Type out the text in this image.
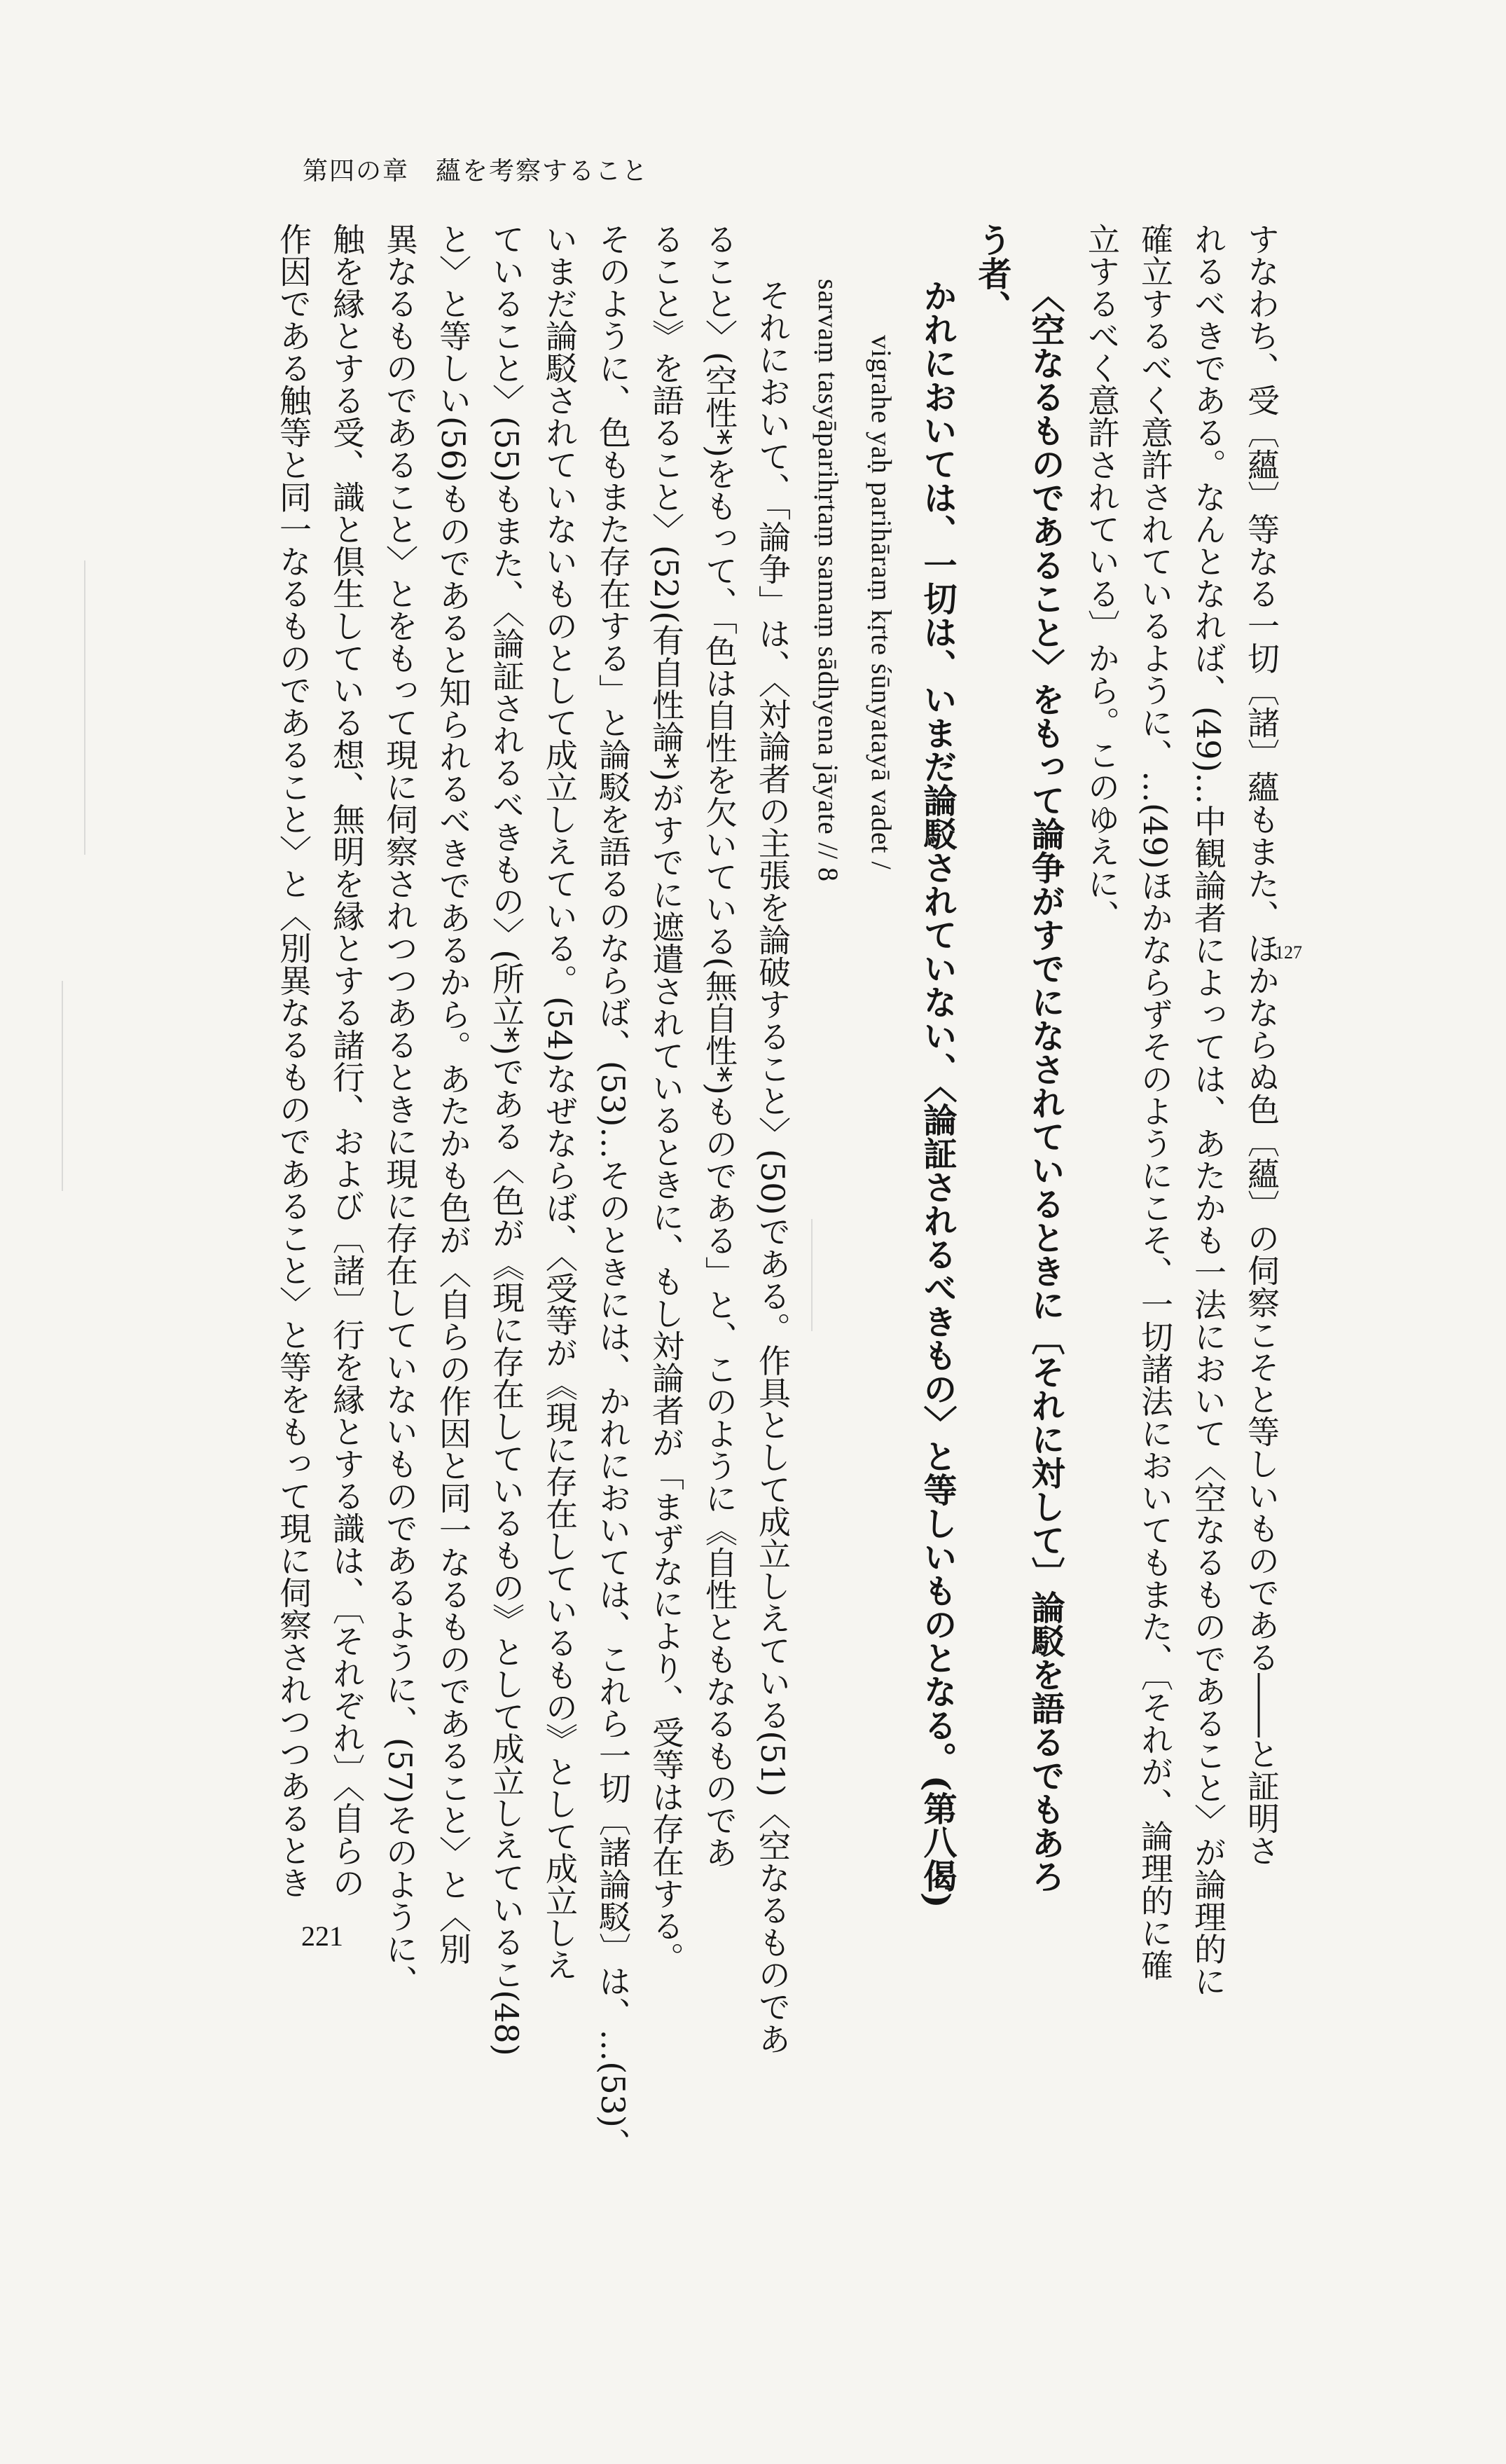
第四の章　蘊を考察すること
127
すなわち、受〔蘊〕等なる一切〔諸〕蘊もまた、ほかならぬ色〔蘊〕の伺察こそと等しいものである――と証明さ
れるべきである。なんとなれば、(49)…中観論者によっては、あたかも一法において〈空なるものであること〉が論理的に
確立するべく意許されているように、…(49)ほかならずそのようにこそ、一切諸法においてもまた、〔それが、論理的に確
立するべく意許されている〕から。このゆえに、
〈空なるものであること〉をもって論争がすでになされているときに〔それに対して〕論駁を語るでもあろ
う者、
かれにおいては、一切は、いまだ論駁されていない、〈論証されるべきもの〉と等しいものとなる。(第八偈)
vigrahe yaḥ parihāraṃ kṛte śūnyatayā vadet /
sarvaṃ tasyāparihṛtaṃ samaṃ sādhyena jāyate // 8
それにおいて、「論争」は、〈対論者の主張を論破すること〉(50)である。作具として成立しえている(51)〈空なるものであ
ること〉(空性*)をもって、「色は自性を欠いている(無自性*)ものである」と、このように《自性ともなるものであ
ること》を語ること〉(52)(有自性論*)がすでに遮遣されているときに、もし対論者が「まずなにより、受等は存在する。
そのように、色もまた存在する」と論駁を語るのならば、(53)…そのときには、かれにおいては、これら一切〔諸論駁〕は、…(53)、
いまだ論駁されていないものとして成立しえている。(54)なぜならば、〈受等が《現に存在しているもの》として成立しえ
ていること〉(55)もまた、〈論証されるべきもの〉(所立*)である〈色が《現に存在しているもの》として成立しえているこ(48)
と〉と等しい(56)ものであると知られるべきであるから。あたかも色が〈自らの作因と同一なるものであること〉と〈別
異なるものであること〉とをもって現に伺察されつつあるときに現に存在していないものであるように、(57)そのように、
触を縁とする受、識と倶生している想、無明を縁とする諸行、および〔諸〕行を縁とする識は、〔それぞれ〕〈自らの
作因である触等と同一なるものであること〉と〈別異なるものであること〉と等をもって現に伺察されつつあるとき
221
